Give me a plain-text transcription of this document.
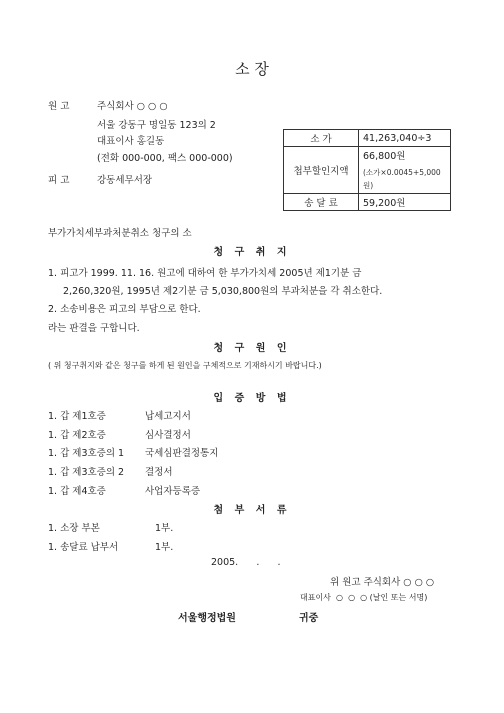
소 장
원 고	주식회사 ○ ○ ○
서울 강동구 명일동 123의 2
대표이사 홍길동
(전화 000-000, 팩스 000-000)
피 고	강동세무서장
소 가	41,263,040÷3
첩부할인지액	66,800원
(소가×0.0045+5,000원)

송 달 료	59,200원
부가가치세부과처분취소 청구의 소
청 구 취 지
1. 피고가 1999. 11. 16. 원고에 대하여 한 부가가치세 2005년 제1기분 금
2,260,320원, 1995년 제2기분 금 5,030,800원의 부과처분을 각 취소한다.
2. 소송비용은 피고의 부담으로 한다.
라는 판결을 구합니다.
청 구 원 인
( 위 청구취지와 같은 청구를 하게 된 원인을 구체적으로 기재하시기 바랍니다.)
입 증 방 법
1. 갑 제1호증	납세고지서
1. 갑 제2호증	심사결정서
1. 갑 제3호증의 1 국세심판결정통지
1. 갑 제3호증의 2 결정서
1. 갑 제4호증	사업자등록증
첨 부 서 류
1. 소장 부본	1부.
1. 송달료 납부서	1부.
2005.      .      .
위 원고 주식회사 ○ ○ ○
대표이사  ○  ○  ○ (날인 또는 서명)
서울행정법원	귀중
